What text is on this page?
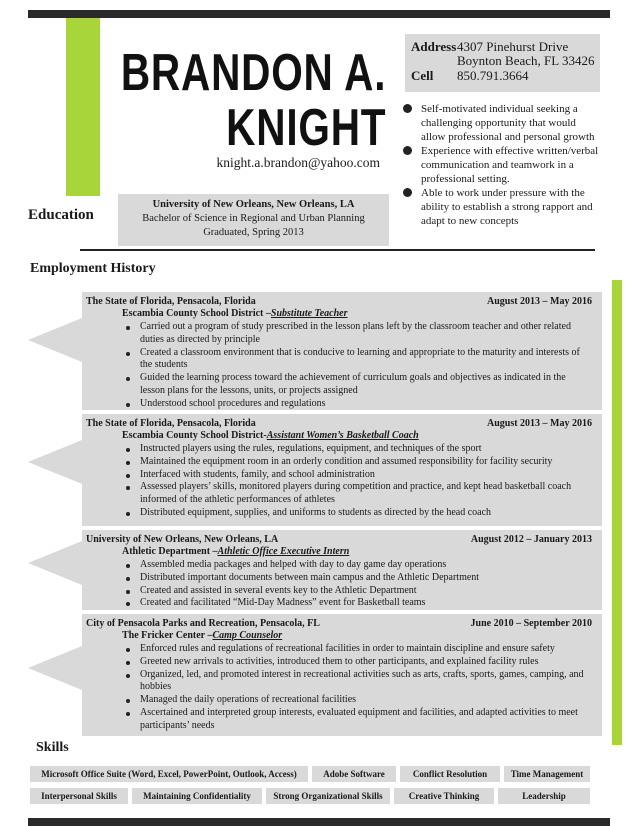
BRANDON A.
KNIGHT
knight.a.brandon@yahoo.com
Address 4307 Pinehurst Drive
Boynton Beach, FL 33426
Cell 850.791.3664
Self-motivated individual seeking a challenging opportunity that would allow professional and personal growth
Experience with effective written/verbal communication and teamwork in a professional setting.
Able to work under pressure with the ability to establish a strong rapport and adapt to new concepts
Education
University of New Orleans, New Orleans, LA
Bachelor of Science in Regional and Urban Planning
Graduated, Spring 2013
Employment History
The State of Florida, Pensacola, Florida	August 2013 – May 2016
Escambia County School District –Substitute Teacher
Carried out a program of study prescribed in the lesson plans left by the classroom teacher and other related duties as directed by principle
Created a classroom environment that is conducive to learning and appropriate to the maturity and interests of the students
Guided the learning process toward the achievement of curriculum goals and objectives as indicated in the lesson plans for the lessons, units, or projects assigned
Understood school procedures and regulations
The State of Florida, Pensacola, Florida	August 2013 – May 2016
Escambia County School District-Assistant Women’s Basketball Coach
Instructed players using the rules, regulations, equipment, and techniques of the sport
Maintained the equipment room in an orderly condition and assumed responsibility for facility security
Interfaced with students, family, and school administration
Assessed players’ skills, monitored players during competition and practice, and kept head basketball coach informed of the athletic performances of athletes
Distributed equipment, supplies, and uniforms to students as directed by the head coach
University of New Orleans, New Orleans, LA	August 2012 – January 2013
Athletic Department –Athletic Office Executive Intern
Assembled media packages and helped with day to day game day operations
Distributed important documents between main campus and the Athletic Department
Created and assisted in several events key to the Athletic Department
Created and facilitated “Mid-Day Madness” event for Basketball teams
City of Pensacola Parks and Recreation, Pensacola, FL	June 2010 – September 2010
The Fricker Center –Camp Counselor
Enforced rules and regulations of recreational facilities in order to maintain discipline and ensure safety
Greeted new arrivals to activities, introduced them to other participants, and explained facility rules
Organized, led, and promoted interest in recreational activities such as arts, crafts, sports, games, camping, and hobbies
Managed the daily operations of recreational facilities
Ascertained and interpreted group interests, evaluated equipment and facilities, and adapted activities to meet participants’ needs
Skills
Microsoft Office Suite (Word, Excel, PowerPoint, Outlook, Access)	Adobe Software	Conflict Resolution	Time Management
Interpersonal Skills	Maintaining Confidentiality	Strong Organizational Skills	Creative Thinking	Leadership
